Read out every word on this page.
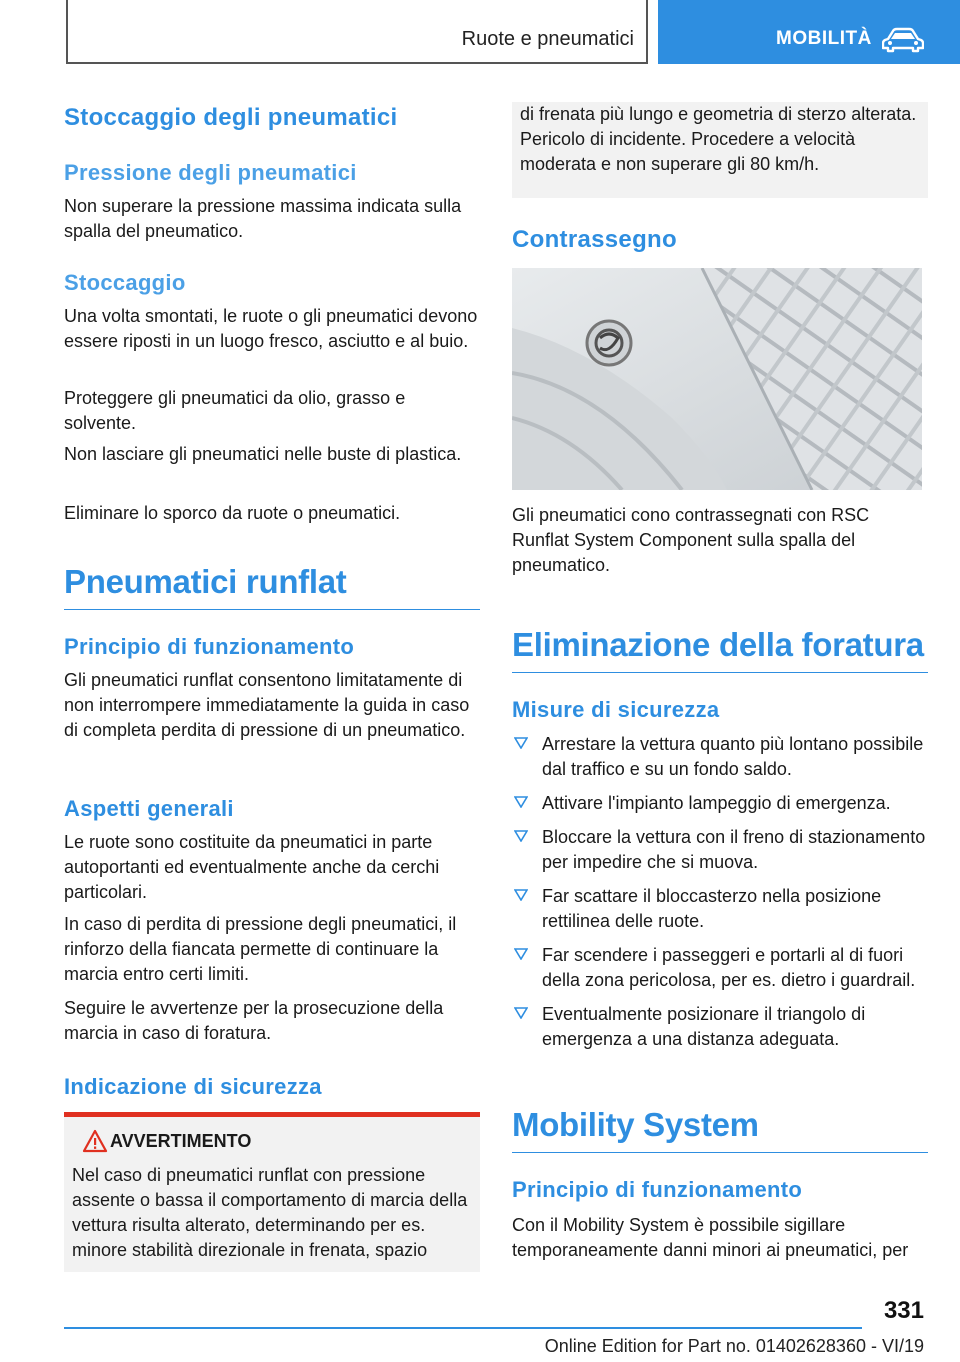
Ruote e pneumatici	MOBILITÀ
Stoccaggio degli pneumatici
Pressione degli pneumatici
Non superare la pressione massima indicata sulla spalla del pneumatico.
Stoccaggio
Una volta smontati, le ruote o gli pneumatici devono essere riposti in un luogo fresco, asciutto e al buio.
Proteggere gli pneumatici da olio, grasso e solvente.
Non lasciare gli pneumatici nelle buste di plastica.
Eliminare lo sporco da ruote o pneumatici.
Pneumatici runflat
Principio di funzionamento
Gli pneumatici runflat consentono limitatamente di non interrompere immediatamente la guida in caso di completa perdita di pressione di un pneumatico.
Aspetti generali
Le ruote sono costituite da pneumatici in parte autoportanti ed eventualmente anche da cerchi particolari.
In caso di perdita di pressione degli pneumatici, il rinforzo della fiancata permette di continuare la marcia entro certi limiti.
Seguire le avvertenze per la prosecuzione della marcia in caso di foratura.
Indicazione di sicurezza
AVVERTIMENTO
Nel caso di pneumatici runflat con pressione assente o bassa il comportamento di marcia della vettura risulta alterato, determinando per es. minore stabilità direzionale in frenata, spazio
di frenata più lungo e geometria di sterzo alterata. Pericolo di incidente. Procedere a velocità moderata e non superare gli 80 km/h.
Contrassegno
Gli pneumatici cono contrassegnati con RSC Runflat System Component sulla spalla del pneumatico.
Eliminazione della foratura
Misure di sicurezza
Arrestare la vettura quanto più lontano possibile dal traffico e su un fondo saldo.
Attivare l'impianto lampeggio di emergenza.
Bloccare la vettura con il freno di stazionamento per impedire che si muova.
Far scattare il bloccasterzo nella posizione rettilinea delle ruote.
Far scendere i passeggeri e portarli al di fuori della zona pericolosa, per es. dietro i guardrail.
Eventualmente posizionare il triangolo di emergenza a una distanza adeguata.
Mobility System
Principio di funzionamento
Con il Mobility System è possibile sigillare temporaneamente danni minori ai pneumatici, per
331
Online Edition for Part no. 01402628360 - VI/19
